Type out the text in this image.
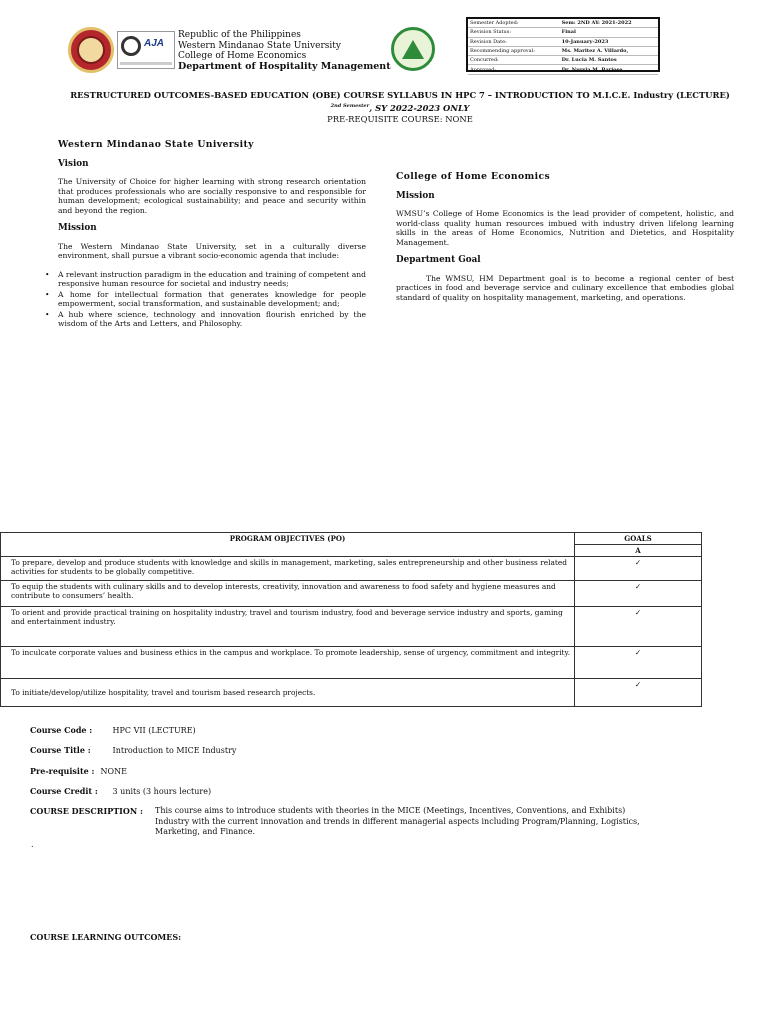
AJA
Republic of the Philippines
Western Mindanao State University
College of Home Economics
Department of Hospitality Management
Semester Adopted:	Sem: 2ND AY: 2021-2022
Revision Status:	Final
Revision Date:	10-January-2023
Recommending approval:	Ms. Maritez A. Villardo,
Concurred:	Dr. Lucia M. Santos
Approved:	Dr. Nursia M. Barjose
RESTRUCTURED OUTCOMES-BASED EDUCATION (OBE) COURSE SYLLABUS IN HPC 7 – INTRODUCTION TO M.I.C.E. Industry (LECTURE)
$^{2nd Semester}$, SY 2022-2023 ONLY
PRE-REQUISITE COURSE: NONE
Western Mindanao State University
Vision

The University of Choice for higher learning with strong research orientation that produces professionals who are socially responsive to and responsible for human development; ecological sustainability; and peace and security within and beyond the region.

Mission

The Western Mindanao State University, set in a culturally diverse environment, shall pursue a vibrant socio-economic agenda that include:

• A relevant instruction paradigm in the education and training of competent and responsive human resource for societal and industry needs;
• A home for intellectual formation that generates knowledge for people empowerment, social transformation, and sustainable development; and;
• A hub where science, technology and innovation flourish enriched by the wisdom of the Arts and Letters, and Philosophy.
College of Home Economics
Mission

WMSU’s College of Home Economics is the lead provider of competent, holistic, and world-class quality human resources imbued with industry driven lifelong learning skills in the areas of Home Economics, Nutrition and Dietetics, and Hospitality Management.

Department Goal

The WMSU, HM Department goal is to become a regional center of best practices in food and beverage service and culinary excellence that embodies global standard of quality on hospitality management, marketing, and operations.

PROGRAM OBJECTIVES (PO)	GOALS
	A
To prepare, develop and produce students with knowledge and skills in management, marketing, sales entrepreneurship and other business related activities for students to be globally competitive.	✓
To equip the students with culinary skills and to develop interests, creativity, innovation and awareness to food safety and hygiene measures and contribute to consumers’ health.	✓
To orient and provide practical training on hospitality industry, travel and tourism industry, food and beverage service industry and sports, gaming and entertainment industry.	✓
To inculcate corporate values and business ethics in the campus and workplace. To promote leadership, sense of urgency, commitment and integrity.	✓
To initiate/develop/utilize hospitality, travel and tourism based research projects.	✓
Course Code :	HPC VII (LECTURE)
Course Title :	Introduction to MICE Industry
Pre-requisite : NONE
Course Credit : 3 units (3 hours lecture)
COURSE DESCRIPTION : This course aims to introduce students with theories in the MICE (Meetings, Incentives, Conventions, and Exhibits) Industry with the current innovation and trends in different managerial aspects including Program/Planning, Logistics, Marketing, and Finance.
.
COURSE LEARNING OUTCOMES:
